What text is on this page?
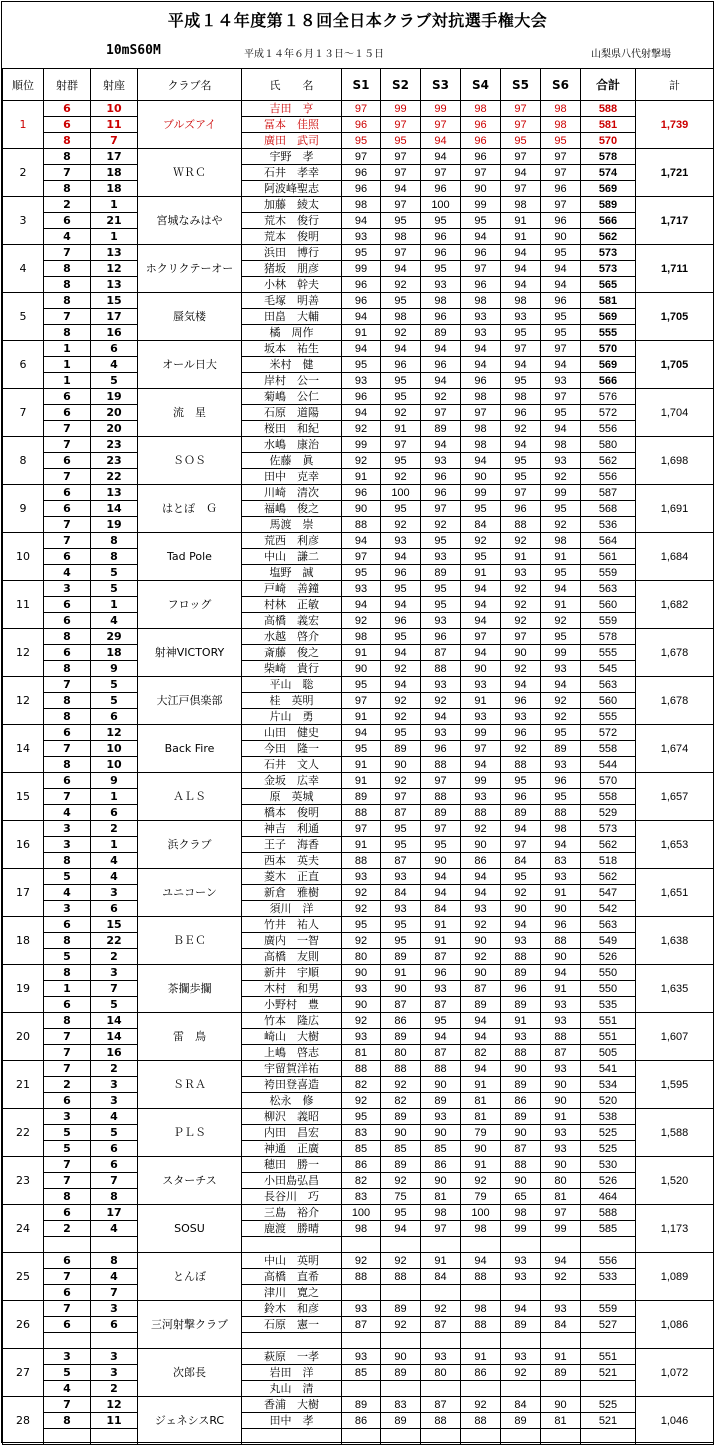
平成１４年度第１８回全日本クラブ対抗選手権大会
10mS60M	平成１４年６月１３日～１５日	山梨県八代射撃場
順位	射群	射座	クラブ名	氏　　名	S1	S2	S3	S4	S5	S6	合計	計
1	6	10	ブルズアイ	吉田　亨	97	99	99	98	97	98	588	1,739
	6	11		冨本　佳照	96	97	97	96	97	98	581	
	8	7		廣田　武司	95	95	94	96	95	95	570	
2	8	17	ＷＲＣ	宇野　孝	97	97	94	96	97	97	578	1,721
	7	18		石井　孝幸	96	97	97	97	94	97	574	
	8	18		阿波峰聖志	96	94	96	90	97	96	569	
3	2	1	宮城なみはや	加藤　綾太	98	97	100	99	98	97	589	1,717
	6	21		荒木　俊行	94	95	95	95	91	96	566	
	4	1		荒本　俊明	93	98	96	94	91	90	562	
4	7	13	ホクリクテーオー	浜田　博行	95	97	96	96	94	95	573	1,711
	8	12		猪坂　朋彦	99	94	95	97	94	94	573	
	8	13		小林　幹夫	96	92	93	96	94	94	565	
5	8	15	蜃気楼	毛塚　明善	96	95	98	98	98	96	581	1,705
	7	17		田畠　大輔	94	98	96	93	93	95	569	
	8	16		橘　周作	91	92	89	93	95	95	555	
6	1	6	オール日大	坂本　祐生	94	94	94	94	97	97	570	1,705
	1	4		米村　健	95	96	96	94	94	94	569	
	1	5		岸村　公一	93	95	94	96	95	93	566	
7	6	19	流　星	菊嶋　公仁	96	95	92	98	98	97	576	1,704
	6	20		石原　道陽	94	92	97	97	96	95	572	
	7	20		桜田　和紀	92	91	89	98	92	94	556	
8	7	23	ＳＯＳ	水嶋　康治	99	97	94	98	94	98	580	1,698
	6	23		佐藤　眞	92	95	93	94	95	93	562	
	7	22		田中　克幸	91	92	96	90	95	92	556	
9	6	13	はとぽ　Ｇ	川崎　清次	96	100	96	99	97	99	587	1,691
	6	14		福嶋　俊之	90	95	97	95	96	95	568	
	7	19		馬渡　崇	88	92	92	84	88	92	536	
10	7	8	Tad Pole	荒西　利彦	94	93	95	92	92	98	564	1,684
	6	8		中山　謙二	97	94	93	95	91	91	561	
	4	5		塩野　誠	95	96	89	91	93	95	559	
11	3	5	フロッグ	戸崎　善鐘	93	95	95	94	92	94	563	1,682
	6	1		村林　正敏	94	94	95	94	92	91	560	
	6	4		高橋　義宏	92	96	93	94	92	92	559	
12	8	29	射神VICTORY	水越　啓介	98	95	96	97	97	95	578	1,678
	6	18		斎藤　俊之	91	94	87	94	90	99	555	
	8	9		柴崎　貴行	90	92	88	90	92	93	545	
12	7	5	大江戸倶楽部	平山　聡	95	94	93	93	94	94	563	1,678
	8	5		桂　英明	97	92	92	91	96	92	560	
	8	6		片山　勇	91	92	94	93	93	92	555	
14	6	12	Back Fire	山田　健史	94	95	93	99	96	95	572	1,674
	7	10		今田　隆一	95	89	96	97	92	89	558	
	8	10		石井　文人	91	90	88	94	88	93	544	
15	6	9	ＡＬＳ	金坂　広幸	91	92	97	99	95	96	570	1,657
	7	1		原　英城	89	97	88	93	96	95	558	
	4	6		橋本　俊明	88	87	89	88	89	88	529	
16	3	2	浜クラブ	神吉　利通	97	95	97	92	94	98	573	1,653
	3	1		王子　海香	91	95	95	90	97	94	562	
	8	4		西本　英夫	88	87	90	86	84	83	518	
17	5	4	ユニコーン	菱木　正直	93	93	94	94	95	93	562	1,651
	4	3		新倉　雅樹	92	84	94	94	92	91	547	
	3	6		須川　洋	92	93	84	93	90	90	542	
18	6	15	ＢＥＣ	竹井　祐人	95	95	91	92	94	96	563	1,638
	8	22		廣内　一智	92	95	91	90	93	88	549	
	5	2		高橋　友則	80	89	87	92	88	90	526	
19	8	3	茶攔歩攔	新井　宇順	90	91	96	90	89	94	550	1,635
	1	7		木村　和男	93	90	93	87	96	91	550	
	6	5		小野村　豊	90	87	87	89	89	93	535	
20	8	14	雷　鳥	竹本　隆広	92	86	95	94	91	93	551	1,607
	7	14		崎山　大樹	93	89	94	94	93	88	551	
	7	16		上嶋　啓志	81	80	87	82	88	87	505	
21	7	2	ＳＲＡ	宇留賀洋祐	88	88	88	94	90	93	541	1,595
	2	3		袴田登喜造	82	92	90	91	89	90	534	
	6	3		松永　修	92	82	89	81	86	90	520	
22	3	4	ＰＬＳ	柳沢　義昭	95	89	93	81	89	91	538	1,588
	5	5		内田　昌宏	83	90	90	79	90	93	525	
	5	6		神通　正廣	85	85	85	90	87	93	525	
23	7	6	スターチス	穂田　勝一	86	89	86	91	88	90	530	1,520
	7	7		小田島弘昌	82	92	90	92	90	80	526	
	8	8		長谷川　巧	83	75	81	79	65	81	464	
24	6	17	SOSU	三島　裕介	100	95	98	100	98	97	588	1,173
	2	4		鹿渡　勝晴	98	94	97	98	99	99	585	

25	6	8	とんぼ	中山　英明	92	92	91	94	93	94	556	1,089
	7	4		高橋　直希	88	88	84	88	93	92	533	
	6	7		津川　寛之								
26	7	3	三河射撃クラブ	鈴木　和彦	93	89	92	98	94	93	559	1,086
	6	6		石原　憲一	87	92	87	88	89	84	527	

27	3	3	次郎長	萩原　一孝	93	90	93	91	93	91	551	1,072
	5	3		岩田　洋	85	89	80	86	92	89	521	
	4	2		丸山　清								
28	7	12	ジェネシスRC	香浦　大樹	89	83	87	92	84	90	525	1,046
	8	11		田中　孝	86	89	88	88	89	81	521	
